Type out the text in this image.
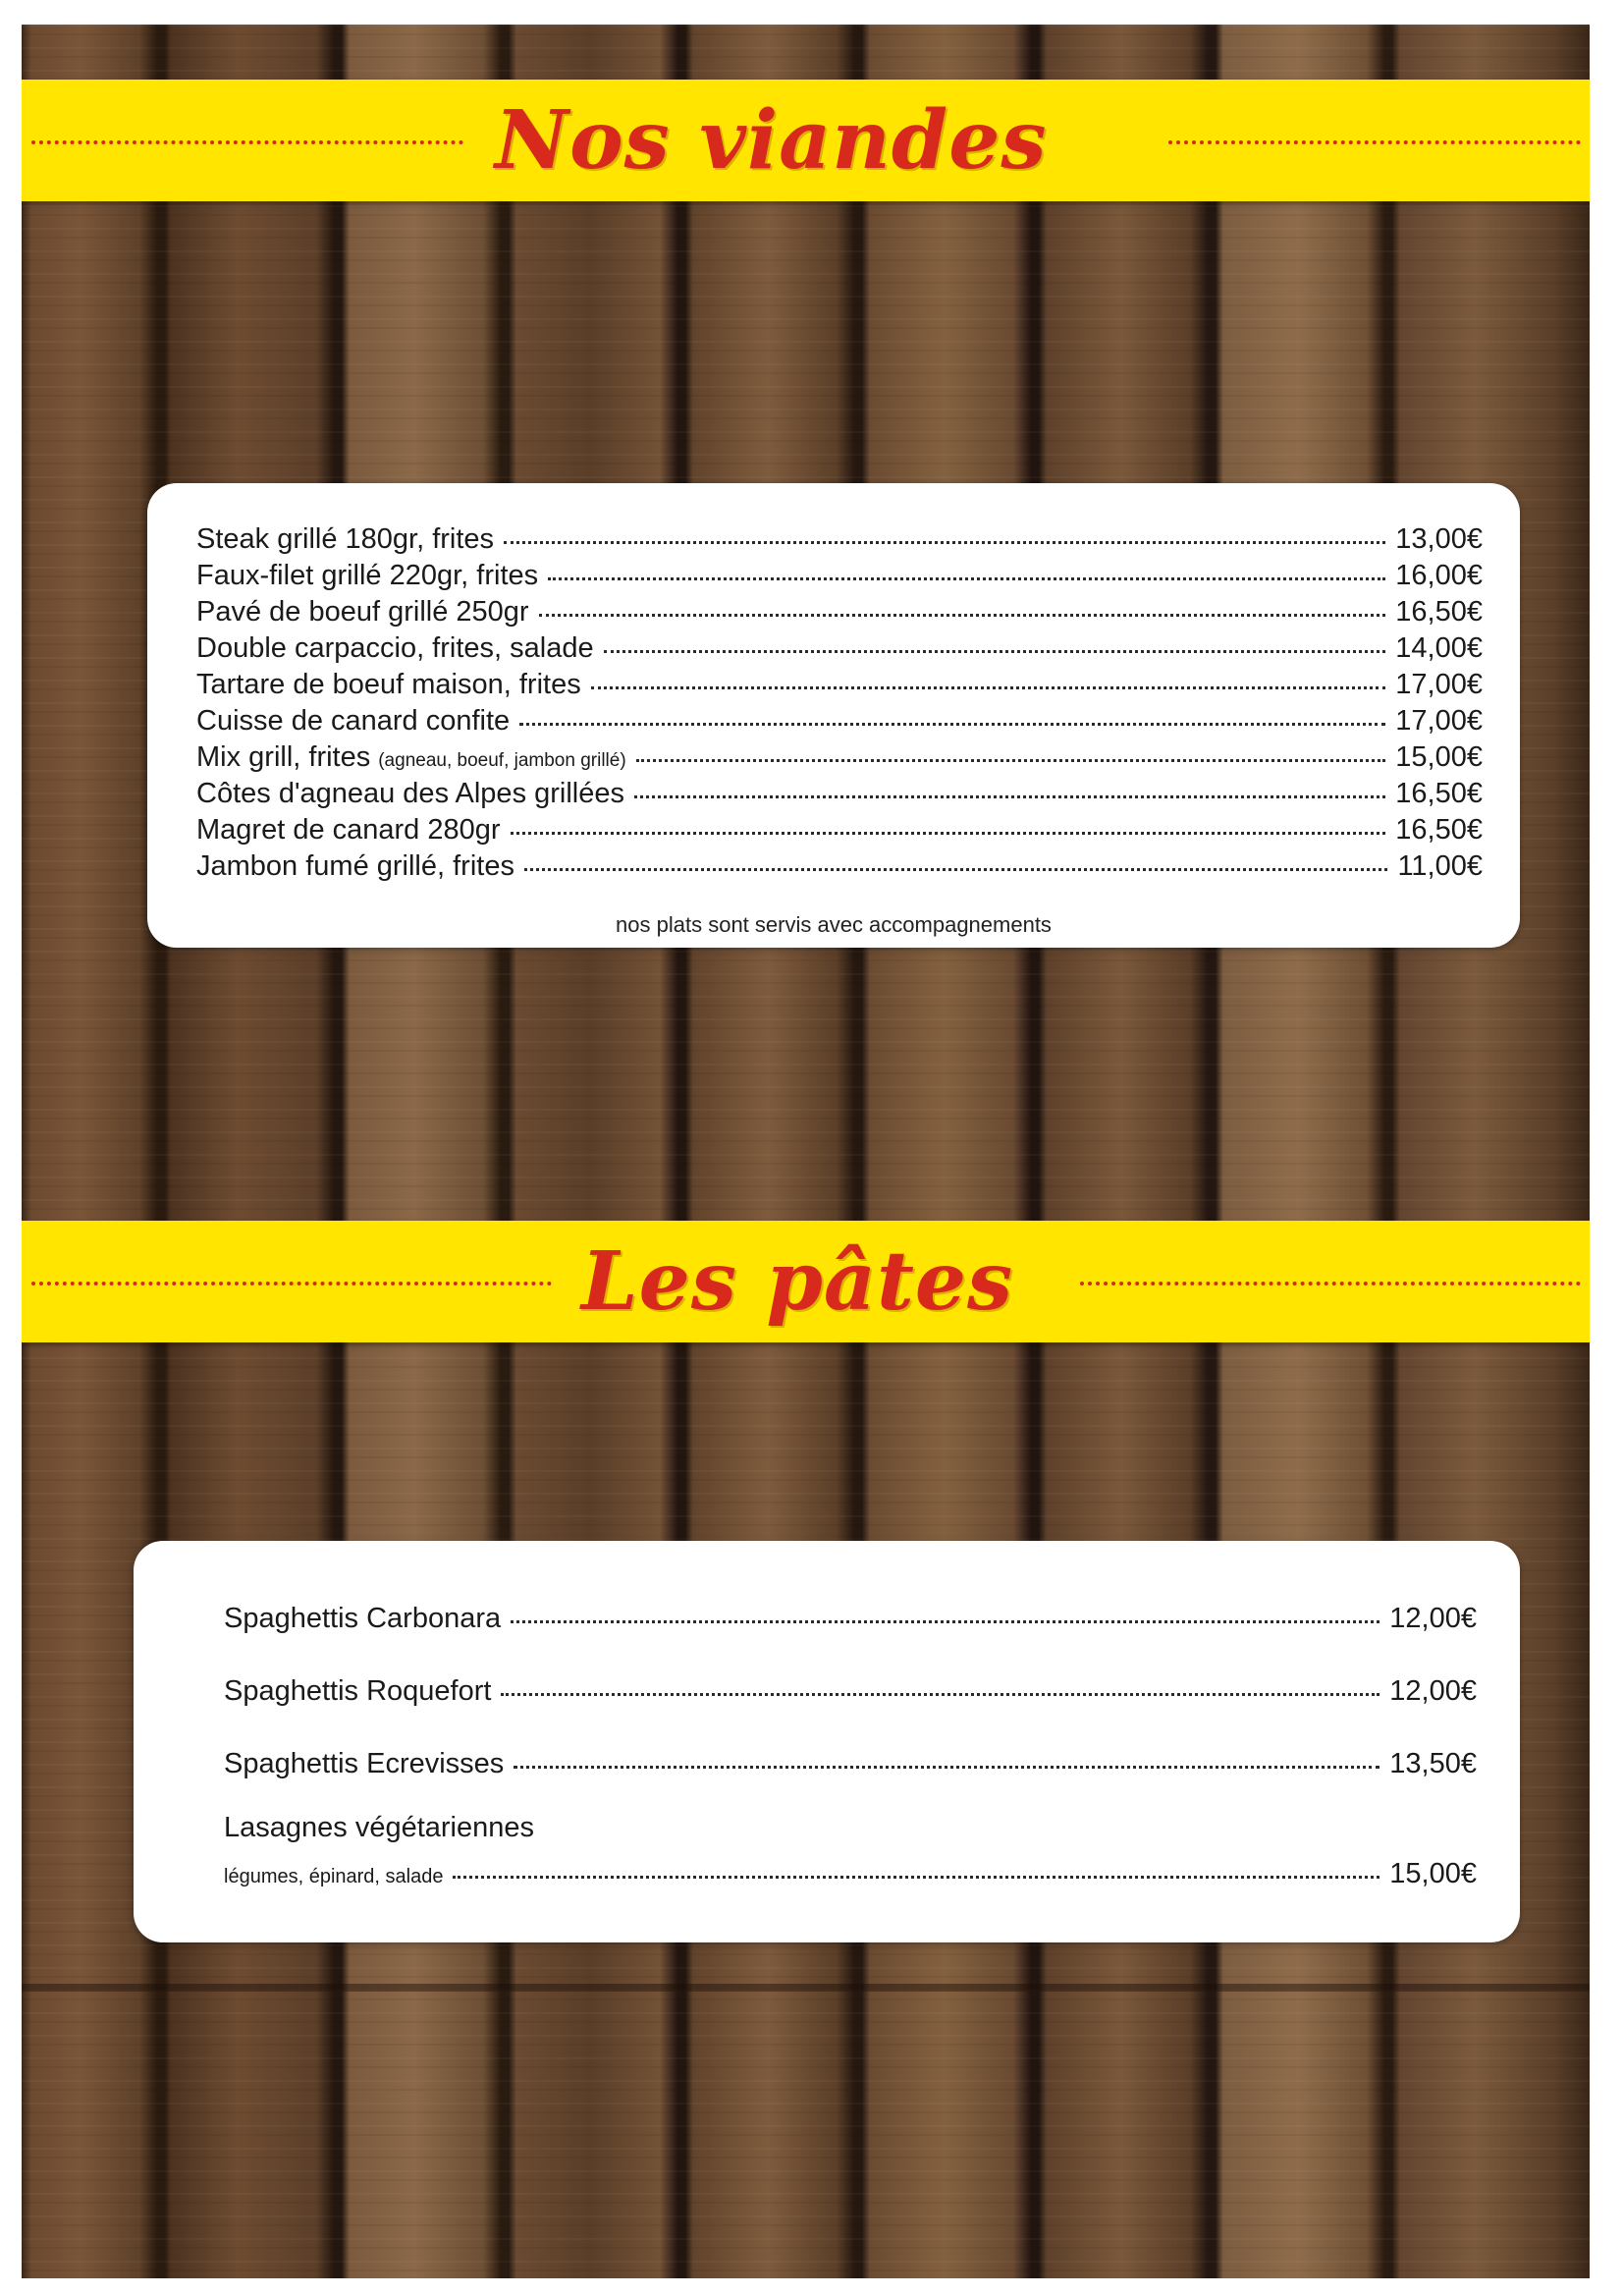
Nos viandes
Steak grillé 180gr, frites	13,00€
Faux-filet grillé 220gr, frites	16,00€
Pavé de boeuf grillé 250gr	16,50€
Double carpaccio, frites, salade	14,00€
Tartare de boeuf maison, frites	17,00€
Cuisse de canard confite	17,00€
Mix grill, frites (agneau, boeuf, jambon grillé)	15,00€
Côtes d'agneau des Alpes grillées	16,50€
Magret de canard 280gr	16,50€
Jambon fumé grillé, frites	11,00€
nos plats sont servis avec accompagnements
Les pâtes
Spaghettis Carbonara	12,00€
Spaghettis Roquefort	12,00€
Spaghettis Ecrevisses	13,50€
Lasagnes végétariennes
légumes, épinard, salade	15,00€
